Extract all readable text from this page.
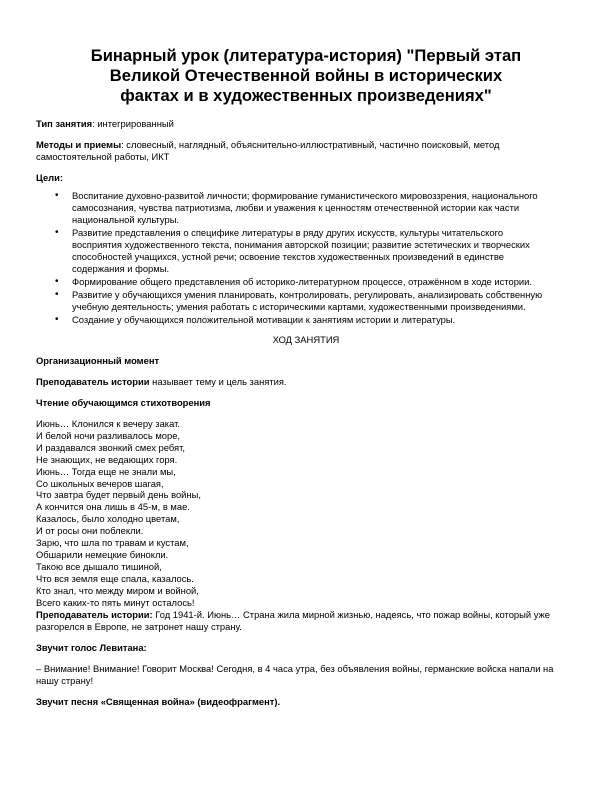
Бинарный урок (литература-история) "Первый этап
Великой Отечественной войны в исторических
фактах и в художественных произведениях"

Тип занятия: интегрированный

Методы и приемы: словесный, наглядный, объяснительно-иллюстративный, частично поисковый, метод самостоятельной работы, ИКТ

Цели:

• Воспитание духовно-развитой личности; формирование гуманистического мировоззрения, национального самосознания, чувства патриотизма, любви и уважения к ценностям отечественной истории как части национальной культуры.
• Развитие представления о специфике литературы в ряду других искусств, культуры читательского восприятия художественного текста, понимания авторской позиции; развитие эстетических и творческих способностей учащихся, устной речи; освоение текстов художественных произведений в единстве содержания и формы.
• Формирование общего представления об историко-литературном процессе, отражённом в ходе истории.
• Развитие у обучающихся умения планировать, контролировать, регулировать, анализировать собственную учебную деятельность; умения работать с историческими картами, художественными произведениями.
• Создание у обучающихся положительной мотивации к занятиям истории и литературы.

ХОД ЗАНЯТИЯ

Организационный момент

Преподаватель истории называет тему и цель занятия.

Чтение обучающимся стихотворения

Июнь… Клонился к вечеру закат.

И белой ночи разливалось море,

И раздавался звонкий смех ребят,

Не знающих, не ведающих горя.

Июнь… Тогда еще не знали мы,

Со школьных вечеров шагая,

Что завтра будет первый день войны,

А кончится она лишь в 45-м, в мае.

Казалось, было холодно цветам,

И от росы они поблекли.

Зарю, что шла по травам и кустам,

Обшарили немецкие бинокли.

Такою все дышало тишиной,

Что вся земля еще спала, казалось.

Кто знал, что между миром и войной,

Всего каких-то пять минут осталось!

Преподаватель истории: Год 1941-й. Июнь… Страна жила мирной жизнью, надеясь, что пожар войны, который уже разгорелся в Европе, не затронет нашу страну.

Звучит голос Левитана:

– Внимание! Внимание! Говорит Москва! Сегодня, в 4 часа утра, без объявления войны, германские войска напали на нашу страну!

Звучит песня «Священная война» (видеофрагмент).
